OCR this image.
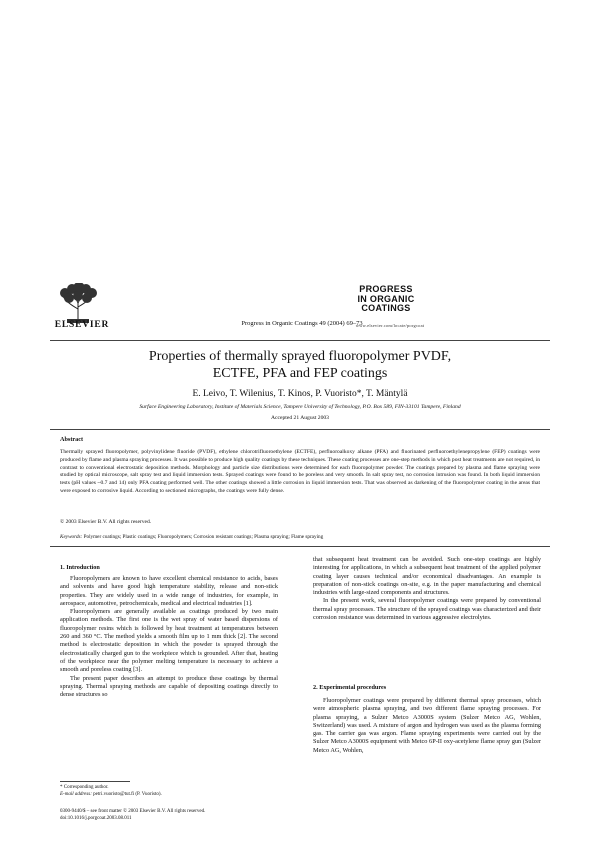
ELSEVIER	Progress in Organic Coatings 49 (2004) 69–73
PROGRESS
IN ORGANIC
COATINGS
www.elsevier.com/locate/porgcoat
Properties of thermally sprayed fluoropolymer PVDF,
ECTFE, PFA and FEP coatings
E. Leivo, T. Wilenius, T. Kinos, P. Vuoristo*, T. Mäntylä
Surface Engineering Laboratory, Institute of Materials Science, Tampere University of Technology, P.O. Box 589, FIN-33101 Tampere, Finland
Accepted 21 August 2003
Abstract
Thermally sprayed fluoropolymer, polyvinylidene fluoride (PVDF), ethylene chlorotrifluoroethylene (ECTFE), perfluoroalkoxy alkane (PFA) and fluorinated perfluoroethylenepropylene (FEP) coatings were produced by flame and plasma spraying processes. It was possible to produce high quality coatings by these techniques. These coating processes are one-step methods in which post heat treatments are not required, in contrast to conventional electrostatic deposition methods. Morphology and particle size distributions were determined for each fluoropolymer powder. The coatings prepared by plasma and flame spraying were studied by optical microscope, salt spray test and liquid immersion tests. Sprayed coatings were found to be poreless and very smooth. In salt spray test, no corrosion intrusion was found. In both liquid immersion tests (pH values ~0.7 and 14) only PFA coating performed well. The other coatings showed a little corrosion in liquid immersion tests. That was observed as darkening of the fluoropolymer coating in the areas that were exposed to corrosive liquid. According to sectioned micrographs, the coatings were fully dense.
© 2003 Elsevier B.V. All rights reserved.
Keywords: Polymer coatings; Plastic coatings; Fluoropolymers; Corrosion resistant coatings; Plasma spraying; Flame spraying
1. Introduction

Fluoropolymers are known to have excellent chemical resistance to acids, bases and solvents and have good high temperature stability, release and non-stick properties. They are widely used in a wide range of industries, for example, in aerospace, automotive, petrochemicals, medical and electrical industries [1].

Fluoropolymers are generally available as coatings produced by two main application methods. The first one is the wet spray of water based dispersions of fluoropolymer resins which is followed by heat treatment at temperatures between 260 and 360 °C. The method yields a smooth film up to 1 mm thick [2]. The second method is electrostatic deposition in which the powder is sprayed through the electrostatically charged gun to the workpiece which is grounded. After that, heating of the workpiece near the polymer melting temperature is necessary to achieve a smooth and poreless coating [3].

The present paper describes an attempt to produce these coatings by thermal spraying. Thermal spraying methods are capable of depositing coatings directly to dense structures so

* Corresponding author.
E-mail address: petri.vuoristo@tut.fi (P. Vuoristo).
0300-9440/$ – see front matter © 2003 Elsevier B.V. All rights reserved.
doi:10.1016/j.porgcoat.2003.08.011

that subsequent heat treatment can be avoided. Such one-step coatings are highly interesting for applications, in which a subsequent heat treatment of the applied polymer coating layer causes technical and/or economical disadvantages. An example is preparation of non-stick coatings on-site, e.g. in the paper manufacturing and chemical industries with large-sized components and structures.

In the present work, several fluoropolymer coatings were prepared by conventional thermal spray processes. The structure of the sprayed coatings was characterized and their corrosion resistance was determined in various aggressive electrolytes.

2. Experimental procedures

Fluoropolymer coatings were prepared by different thermal spray processes, which were atmospheric plasma spraying, and two different flame spraying processes. For plasma spraying, a Sulzer Metco A3000S system (Sulzer Metco AG, Wohlen, Switzerland) was used. A mixture of argon and hydrogen was used as the plasma forming gas. The carrier gas was argon. Flame spraying experiments were carried out by the Sulzer Metco A3000S equipment with Metco 6P-II oxy-acetylene flame spray gun (Sulzer Metco AG, Wohlen,
